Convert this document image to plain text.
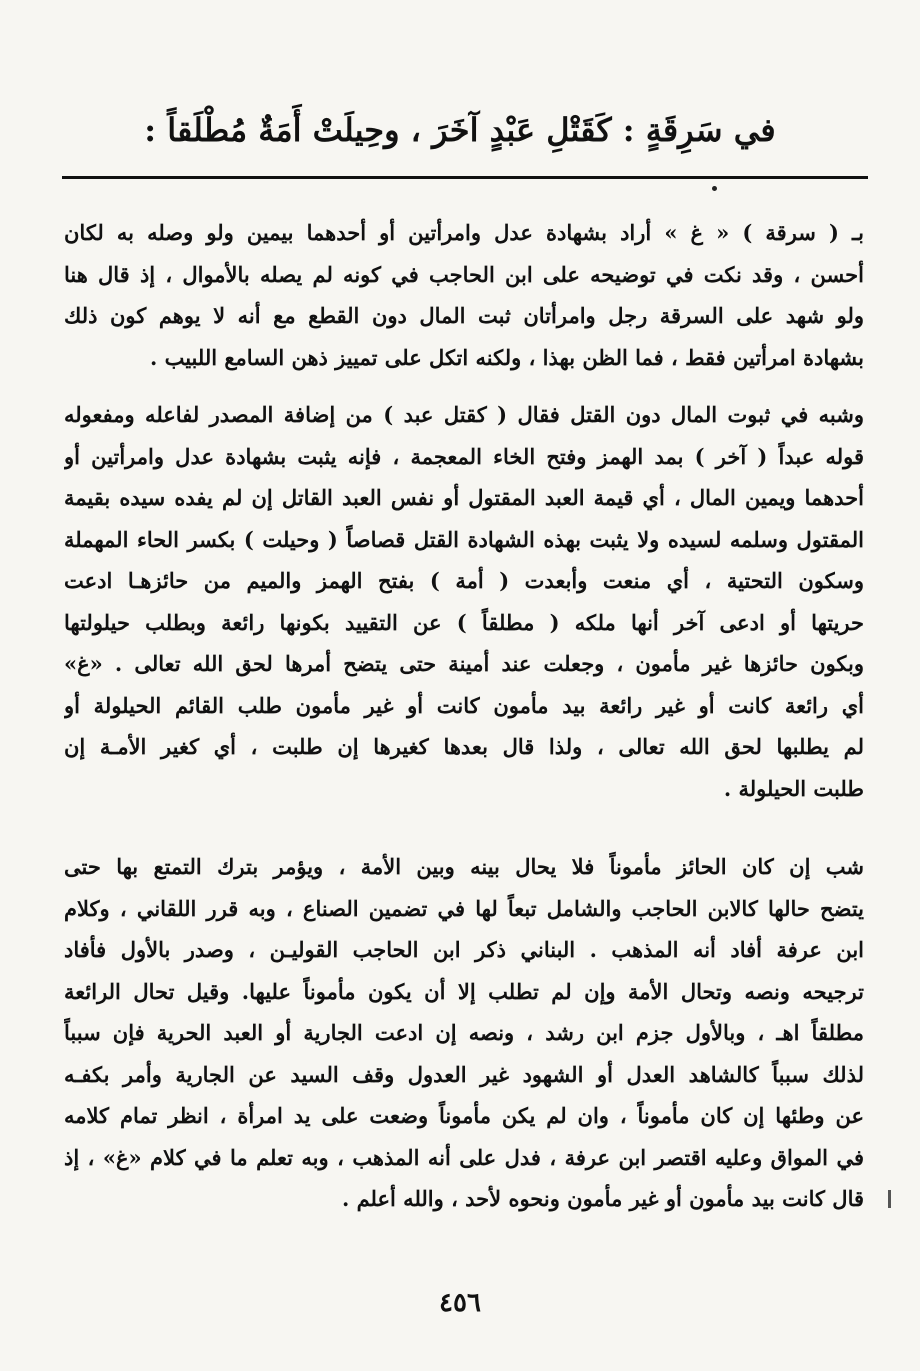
في سَرِقَةٍ : كَقَتْلِ عَبْدٍ آخَرَ ، وحِيلَتْ أَمَةٌ مُطْلَقاً :
بـ ( سرقة ) « غ » أراد بشهادة عدل وامرأتين أو أحدهما بيمين ولو وصله به لكان
أحسن ، وقد نكت في توضيحه على ابن الحاجب في كونه لم يصله بالأموال ، إذ قال هنا
ولو شهد على السرقة رجل وامرأتان ثبت المال دون القطع مع أنه لا يوهم كون ذلك
بشهادة امرأتين فقط ، فما الظن بهذا ، ولكنه اتكل على تمييز ذهن السامع اللبيب .
وشبه في ثبوت المال دون القتل فقال ( كقتل عبد ) من إضافة المصدر لفاعله ومفعوله
قوله عبداً ( آخر ) بمد الهمز وفتح الخاء المعجمة ، فإنه يثبت بشهادة عدل وامرأتين أو
أحدهما ويمين المال ، أي قيمة العبد المقتول أو نفس العبد القاتل إن لم يفده سيده بقيمة
المقتول وسلمه لسيده ولا يثبت بهذه الشهادة القتل قصاصاً ( وحيلت ) بكسر الحاء المهملة
وسكون التحتية ، أي منعت وأبعدت ( أمة ) بفتح الهمز والميم من حائزهـا ادعت
حريتها أو ادعى آخر أنها ملكه ( مطلقاً ) عن التقييد بكونها رائعة وبطلب حيلولتها
وبكون حائزها غير مأمون ، وجعلت عند أمينة حتى يتضح أمرها لحق الله تعالى . «غ»
أي رائعة كانت أو غير رائعة بيد مأمون كانت أو غير مأمون طلب القائم الحيلولة أو
لم يطلبها لحق الله تعالى ، ولذا قال بعدها كغيرها إن طلبت ، أي كغير الأمـة إن
طلبت الحيلولة .
شب إن كان الحائز مأموناً فلا يحال بينه وبين الأمة ، ويؤمر بترك التمتع بها حتى
يتضح حالها كالابن الحاجب والشامل تبعاً لها في تضمين الصناع ، وبه قرر اللقاني ، وكلام
ابن عرفة أفاد أنه المذهب . البناني ذكر ابن الحاجب القوليـن ، وصدر بالأول فأفاد
ترجيحه ونصه وتحال الأمة وإن لم تطلب إلا أن يكون مأموناً عليها. وقيل تحال الرائعة
مطلقاً اهـ ، وبالأول جزم ابن رشد ، ونصه إن ادعت الجارية أو العبد الحرية فإن سبباً
لذلك سبباً كالشاهد العدل أو الشهود غير العدول وقف السيد عن الجارية وأمر بكفـه
عن وطئها إن كان مأموناً ، وان لم يكن مأموناً وضعت على يد امرأة ، انظر تمام كلامه
في المواق وعليه اقتصر ابن عرفة ، فدل على أنه المذهب ، وبه تعلم ما في كلام «غ» ، إذ
قال كانت بيد مأمون أو غير مأمون ونحوه لأحد ، والله أعلم .
٤٥٦
